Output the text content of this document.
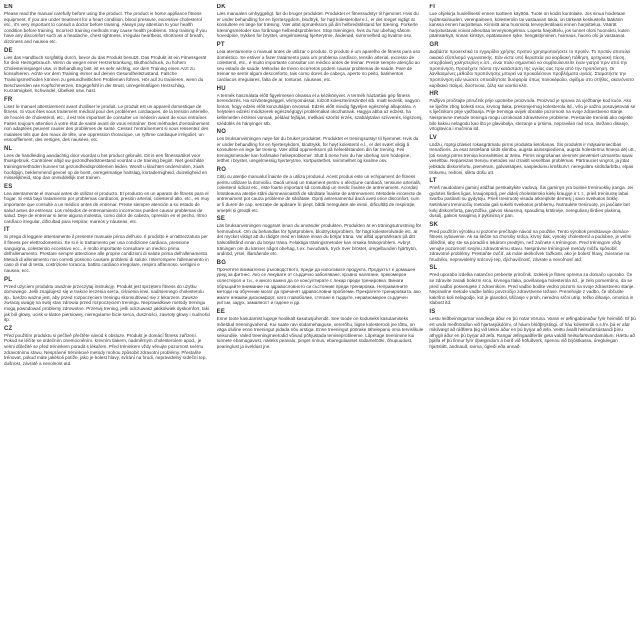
EN

Please read the manual carefully before using the product. The product is home appliance fitness equipment. If you are under treatment for a heart condition, blood pressure, excessive cholesterol etc., it's very important to consult a doctor before training. Always pay attention to your health condition before training. Incorrect training methods may cause health problems. Stop training if you have any discomfort such as a headache, chest tightness, irregular heartbeat, shortness of breath, dizziness and nausea etc.

DE

Lies das Handbuch sorgfältig durch, bevor du das Produkt benutzt. Das Produkt ist ein Fitnessgerät für dein Heimgebrauch. Wenn du wegen einer Herzerkrankung, Bluthochdruck, zu hohem Cholesterinspiegel usw. in Behandlung bist, ist es sehr wichtig, vor dem Training einen Arzt zu konsultieren. Achte vor dem Training immer auf deinen Gesundheitszustand. Falsche Trainingsmethoden können zu gesundheitlichen Problemen führen. Hör auf zu trainieren, wenn du Beschwerden wie Kopfschmerzen, Engegefühl in der Brust, unregelmäßigen Herzschlag, Kurzatmigkeit, Schwindel, Übelkeit usw. hast.

FR

Lisez le manuel attentivement avant d'utiliser le produit. Le produit est un appareil domestique de fitness. Si vous êtes sous traitement médical pour des problèmes cardiaques, de la tension artérielle, de l'excès de cholestérol, etc., il est très important de consulter un médecin avant de vous entraîner. Faites toujours attention à votre état de santé avant de vous entraîner. Des méthodes d'entraînement non adaptées peuvent causer des problèmes de santé. Cessez l'entraînement si vous ressentez des malaises tels que des maux de tête, une oppression thoracique, un rythme cardiaque irrégulier, un essoufflement, des vertiges, des nausées, etc.

NL

Lees de handleiding aandachtig door voordat u het product gebruikt. Dit is een fitnessartikel voor thuisgebruik. Controleer altijd uw gezondheidstoestand voordat u de training begint. Niet geschikte trainingsmethoden kunnen tot gezondheidsproblemen leiden. Wordt u klachten ondervinden, zoals hoofdpijn, beklemmend gevoel op de borst, onregelmatige hartslag, kortademigheid, duizeligheid en misselijkheid, stop dan onmiddellijk met trainen.

ES

Lea atentamente el manual antes de utilizar el producto. El producto es un aparato de fitness para el hogar. Si está bajo tratamiento por problemas cardíacos, presión arterial, colesterol alto, etc., es muy importante que consulte a un médico antes de entrenar. Preste siempre atención a su estado de salud antes de entrenar. Los métodos de entrenamiento incorrectos pueden causar problemas de salud. Deje de entrenar si tiene alguna molestia, como dolor de cabeza, opresión en el pecho, ritmo cardíaco irregular, dificultad para respirar, mareos y náuseas, etc.

IT

Si prega di leggere attentamente il presente manuale prima dell'uso. Il prodotto è un'attrezzatura per il fitness per elettrodomestici. Se si è in trattamento per una condizione cardiaca, pressione sanguigna, colesterolo eccessivo ecc., è molto importante consultare un medico prima dell'allenamento. Prestare sempre attenzione alle proprie condizioni di salute prima dell'allenamento. Metodi di allenamento non corretti possono causare problemi di salute. Interrompere l'allenamento in caso di mal di testa, costrizione toracica, battito cardiaco irregolare, respiro affannoso, vertigini e nausea, ecc.

PL

Przed użyciem produktu uważnie przeczytaj instrukcję. Produkt jest sprzętem fitness do użytku domowego. Jeśli znajdujesz się w trakcie leczenia serca, ciśnienia krwi, nadmiernego cholesterolu itp., bardzo ważne jest, aby przed rozpoczęciem treningu skonsultować się z lekarzem. Zawsze zwracaj uwagę na swój stan zdrowia przed rozpoczęciem treningu. Nieprawidłowe metody treningu mogą powodować problemy zdrowotne. Przerwij trening, jeśli odczuwasz jakikolwiek dyskomfort, taki jak ból głowy, ucisk w klatce piersiowej, nieregularne bicie serca, duszności, zawroty głowy i nudności itp.

CZ

Před použitím produktu si pečlivě přečtěte návod k obsluze. Produkt je domácí fitness zařízení. Pokud se léčíte se srdečním onemocněním, krevním tlakem, nadměrným cholesterolem apod., je velmi důležité se před tréninkem poradit s lékařem. Před tréninkem vždy věnujte pozornost svému zdravotnímu stavu. Nesprávné tréninkové metody mohou způsobit zdravotní problémy. Přestaňte trénovat, pokud máte jakékoli potíže, jako je bolest hlavy, svírání na hrudi, nepravidelný srdeční tep, dušnost, závratě a nevolnost atd.

DK

Læs manualen omhyggeligt, før du bruger produktet. Produktet er fitnessudstyr til hjemmet. Hvis du er under behandling for en hjertesygdom, blodtryk, for højt kolesteroltal e.l., er det meget vigtigt at konsultere en læge før træning. Vær altid opmærksom på din helbredstilstand før træning. Forkerte træningsmetoder kan forårsage helbredsproblemer. Stop træningen, hvis du har ubehag såsom hovedpine, trykken for brystet, uregelmæssig hjerterytme, åndenød, svimmelhed og kvalme osv.

PT

Leia atentamente o manual antes de utilizar o produto. O produto é um aparelho de fitness para uso doméstico. Se estiver a fazer tratamento para um problema cardíaco, tensão arterial, excesso de colesterol, etc., é muito importante consultar um médico antes de treinar. Preste sempre atenção ao seu estado de saúde. Métodos de treino incorretos podem causar problemas de saúde. Pare de treinar se sentir algum desconforto, tais como dores de cabeça, aperto no peito, batimentos cardíacos irregulares, falta de ar, tonturas, náuseas, etc.

HU

A termék használata előtt figyelmesen olvassa el a kézikönyvet. A termék háztartási gép fitness berendezés. Ha szívbetegséggel, vérnyomással, túlzott koleszterinszinttel stb. miatt kezelik, nagyon fontos, hogy edzés előtt konzultáljon orvossal. Edzés előtt mindig figyeljen egészségi állapotára. A helytelen edzési módszerek egészségügyi problémákat okozhatnak. Hagyja abba az edzést, ha kellemetlen érzései vannak, például fejfájás, mellkasi szorító érzés, szabálytalan szívverés, légszomj, szédülés és hányinger stb.

NO

Les bruksanvisningen nøye før du bruker produktet. Produktet er treningsutstyr til hjemmet. Hvis du er under behandling for en hjertesykdom, blodtrykk, for høyt kolesterol e.l., er det svært viktig å konsultere en lege før trening. Vær alltid oppmerksom på helsetilstanden din før trening. Feil treningsmetoder kan forårsake helseproblemer. Slutt å trene hvis du har ubehag som hodepine, tetthet i brystet, uregelmessig hjerterytme, kortpustethet, svimmelhet og kvalme osv.

RO

Citiți cu atenție manualul înainte de a utiliza produsul. Acest produs este un echipament de fitness pentru utilizare la domiciliu. Dacă urmați un tratament pentru o afecțiune cardiacă, tensiune arterială, colesterol ridicat etc., este foarte important să consultați un medic înainte de antrenament. Acordați întotdeauna atenție stării dumneavoastră de sănătate înainte de antrenament. Metodele incorecte de antrenament pot cauza probleme de sănătate. Opriți antrenamentul dacă aveți orice disconfort, cum ar fi dureri de cap, senzație de apăsare în piept, bătăi neregulate ale inimii, dificultăți de respirație, amețeli și greață etc.

SE

Läs bruksanvisningen noggrant innan du använder produkten. Produkten är en träningsutrustning för hemmabruk. Om du behandlas för hjärtproblem, blodtrycksproblem, för högt kolesterolvärde etc. är det mycket viktigt att du rådgör med en läkare innan du börjar träna. Var alltid uppmärksam på ditt hälsotillstånd innan du börjar träna. Felaktiga träningsmetoder kan orsaka hälsoproblem. Avbryt träningen om du känner något obehag, t.ex. huvudvärk, tryck över bröstet, oregelbunden hjärtrytm, andnöd, yrsel, illamående etc.

BG

Прочетете внимателно ръководството, преди да използвате продукта. Продуктът е домашен уред за фитнес. Ако се лекувате от сърдечно заболяване, кръвно налягане, прекомерен холестерол и т.н., е много важно да се консултирате с лекар преди тренировка. Винаги обръщайте внимание на здравословното си състояние преди тренировка. Неправилните методи на обучение могат да причинят здравословни проблеми. Прекратете тренировката, ако имате някакви дискомфорт, като главоболие, стягане в гърдите, неравномерен сърдечен ритъм, задух, замаяност и гадене и др.

EE

Enne toote kasutamist lugege hoolikalt kasutusjuhendit. See toode on koduseks kasutamiseks mõeldud treeningvahend. Kui saate ravi südamehaiguse, vererõhu, liigse kolesterooli jne tõttu, on väga oluline enne treeningut pidada nõu arstiga. Enne treeningut pöörake tähelepanu oma tervislikule seisundile. Valed treeningmeetodid võivad põhjustada terviseprobleeme. Lõpetage treenimine kui tunnete ebamugavust, näiteks peavalu, pinget rinnus, ebaregulaarset südamelööki, õhupuudust, pearinglust ja iiveldust jne.

FI

Lue ohjekirja huolellisesti ennen tuotteen käyttöä. Tuote on kodin kuntolaite. Jos sinua hoidetaan sydänsairauden, verenpaineen, kolesterolin tai vastaavan takia, on tärkeää keskustella lääkärin kanssa ennen harjoittelua. Kiinnitä aina huomiota terveydentilaasi ennen harjoittelua. Väärät harjoitustavat voivat aiheuttaa terveysongelmia. Lopeta harjoittelu, jos tunnet oloni huonoksi, kuten päänsärkyä, rinnan kiristys, epätasainen syke, hengästyminen, huimaus, huono olo ja vastaavat.

GR

Διαβάστε προσεκτικά το εγχειρίδιο χρήσης προτού χρησιμοποιήσετε το προϊόν. Το προϊόν αποτελεί οικιακό εξοπλισμό γυμναστικής. Εάν είστε υπό θεραπεία για καρδιακή πάθηση, αρτηριακή πίεση, υπερβολική χοληστερίνη κ.λπ., είναι πολύ σημαντικό να συμβουλευτείτε έναν γιατρό πριν από την προπόνηση. Προσέχετε πάντα την κατάσταση της υγείας σας πριν από την προπόνηση. Οι λανθασμένες μέθοδοι προπόνησης μπορεί να προκαλέσουν προβλήματα υγείας. Σταματήστε την προπόνηση εάν νιώσετε οποιαδήποτε δυσφορία όπως πονοκέφαλο, σφίξιμο στο στήθος, ακανόνιστο καρδιακό παλμό, δύσπνοια, ζάλη και ναυτία κλπ.

HR

Pažljivo pročitajte priručnik prije upotrebe proizvoda. Proizvod je sprava za vježbanje kod kuće. Ako se liječite zbog bolesti srca, krvnog tlaka, prekomjernog kolesterola itd., vrlo je važno posavjetovati se s liječnikom prije vježbanja. Prije treninga uvijek obratite pozornost na svoje zdravstveno stanje. Neispravne metode treninga mogu uzrokovati zdravstvene probleme. Prestanite trenirati ako osjetite bilo kakvu nelagodu kao što je glavobolja, stezanje u prsima, nepravilan rad srca, otežano disanje, vrtoglavica i mučnina itd.

LV

Lūdzu, rūpīgi izlasiet rokasgrāmatu pirms produkta lietošanas. Šis produkts ir mājsaimniecības trenažieris. Ja esat ārstēšanā sirds slimību, augsta asinsspiediena, augsta holesterīna līmeņa dēļ utt., ļoti svarīgi pirms treniņa konsultēties ar ārstu. Pirms vingrošanas vienmēr pievērsiet uzmanību savai veselībai. Nepareizas treniņu metodes var izraisīt veselības problēmas. Pārtrauciet vingrot, ja jūtat jebkādu diskomfortu, piemēram, galvassāpes, saspiedumu krūškurvī, neregulāru sirdsdarbību, elpas trūkumu, reiboni, sliktu dūšu utt.

LT

Prieš naudodami gaminį atidžiai perskaitykite vadovą. Šis gaminys yra buitinė treniruoklių įranga. Jei gydotės širdies ligas, kraujospūdį, per didelį cholesterolio kiekį kraujyje ir t. t., prieš treniruotę labai svarbu pasitarti su gydytoju. Prieš treniruotę visada atkreipkite dėmesį į savo sveikatos būklę. Netinkami treniruočių metodai gali sukelti sveikatos problemų. Nutraukite treniruotę, jei jaučiate bet kokį diskomfortą, pavyzdžiui, galvos skausmą, spaudimą krūtinėje, nereguliarų širdies plakimą, dusulį, galvos svaigimą ir pykinimą ir pan.

SK

Pred použitím výrobku si pozorne prečítajte návod na použitie. Tento výrobok predstavuje domáce fitness vybavenie. Ak sa liečite na choroby srdca, krvný tlak, vysoký cholesterol a podobne, je veľmi dôležité, aby ste sa poradili s lekárom predtým, než začnete s tréningom. Pred tréningom vždy venujte pozornosť svojmu zdravotnému stavu. Nesprávne tréningové metódy môžu spôsobiť zdravotné problémy. Prestaňte cvičiť, ak máte akékoľvek ťažkosti, ako je bolesť hlavy, zvieranie na hrudníku, nepravidelný srdcový tep, dýchavičnosť, závrate a nevoľnosť atď.

SL

Pred uporabo izdelka natančno preberite priročnik. Izdelek je fitnes oprema za domačo uporabo. Če se zdravite zaradi bolezni srca, krvnega tlaka, povišanega holesterola itd., je zelo pomembno, da se pred vadbo posvetujete z zdravnikom. Pred vadbo bodite vedno pozorni na svoje zdravstveno stanje. Nepravilne metode vadbe lahko povzročijo zdravstvene težave. Prenehajte z vadbo, če občutite kakršno koli nelagodje, kot je glavobol, tiščanje v prsih, neredno srčni utrip, težko dihanje, omotica in slabost itd.

IS

Lestu leiðbeiningarnar vandlega áður en þú notar vöruna. Varan er æfingabúnaður fyrir heimilið. Ef þú ert undir meðhöndlun við hjartasjúkdómi, of háum blóðþrýstingi, of háu kólesteróli o.s.frv. þá er afar mikilvægt að ráðfæra þig við lækni áður en þú byrjar að æfa. Veittu ávallt heilsufarsástandi þínu athygli áður en þú byrjar að æfa. Rangar æfingaaðferðir geta valdið heilsufarsvandamálum. Hættu að þjálfa ef þú finnur fyrir óþægindum á borð við höfuðverk, spennu við brjóstkassa, óreglulegan hjartslátt, andnauð, svima, ógleði eða annað.
